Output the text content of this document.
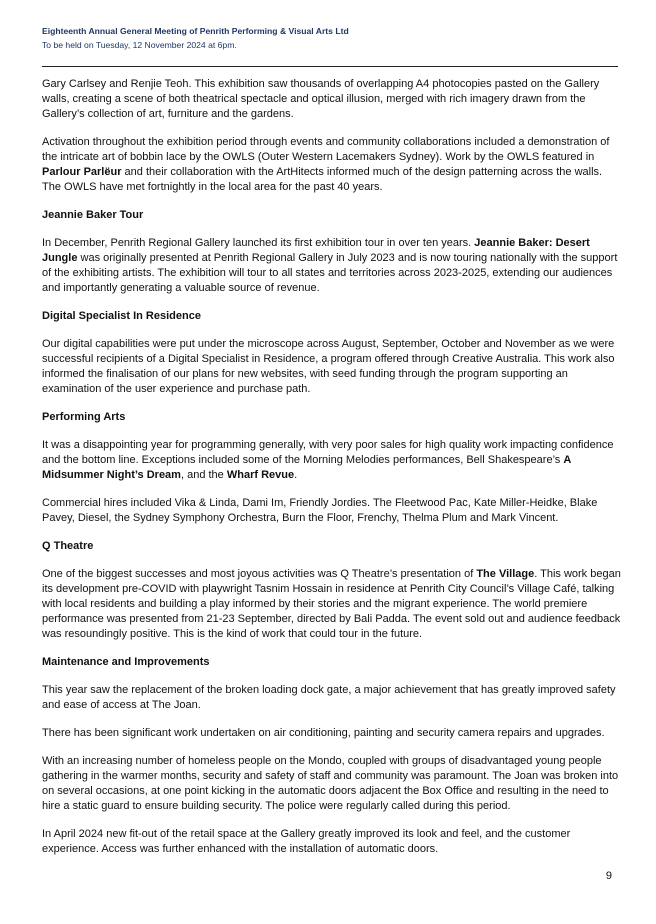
Eighteenth Annual General Meeting of Penrith Performing & Visual Arts Ltd
To be held on Tuesday, 12 November 2024 at 6pm.

Gary Carlsey and Renjie Teoh. This exhibition saw thousands of overlapping A4 photocopies pasted on the Gallery walls, creating a scene of both theatrical spectacle and optical illusion, merged with rich imagery drawn from the Gallery’s collection of art, furniture and the gardens.

Activation throughout the exhibition period through events and community collaborations included a demonstration of the intricate art of bobbin lace by the OWLS (Outer Western Lacemakers Sydney). Work by the OWLS featured in Parlour Parlëur and their collaboration with the ArtHitects informed much of the design patterning across the walls. The OWLS have met fortnightly in the local area for the past 40 years.

Jeannie Baker Tour

In December, Penrith Regional Gallery launched its first exhibition tour in over ten years. Jeannie Baker: Desert Jungle was originally presented at Penrith Regional Gallery in July 2023 and is now touring nationally with the support of the exhibiting artists. The exhibition will tour to all states and territories across 2023-2025, extending our audiences and importantly generating a valuable source of revenue.

Digital Specialist In Residence

Our digital capabilities were put under the microscope across August, September, October and November as we were successful recipients of a Digital Specialist in Residence, a program offered through Creative Australia. This work also informed the finalisation of our plans for new websites, with seed funding through the program supporting an examination of the user experience and purchase path.

Performing Arts

It was a disappointing year for programming generally, with very poor sales for high quality work impacting confidence and the bottom line. Exceptions included some of the Morning Melodies performances, Bell Shakespeare’s A Midsummer Night’s Dream, and the Wharf Revue.

Commercial hires included Vika & Linda, Dami Im, Friendly Jordies. The Fleetwood Pac, Kate Miller-Heidke, Blake Pavey, Diesel, the Sydney Symphony Orchestra, Burn the Floor, Frenchy, Thelma Plum and Mark Vincent.

Q Theatre

One of the biggest successes and most joyous activities was Q Theatre’s presentation of The Village. This work began its development pre-COVID with playwright Tasnim Hossain in residence at Penrith City Council’s Village Café, talking with local residents and building a play informed by their stories and the migrant experience. The world premiere performance was presented from 21-23 September, directed by Bali Padda. The event sold out and audience feedback was resoundingly positive. This is the kind of work that could tour in the future.

Maintenance and Improvements

This year saw the replacement of the broken loading dock gate, a major achievement that has greatly improved safety and ease of access at The Joan.

There has been significant work undertaken on air conditioning, painting and security camera repairs and upgrades.

With an increasing number of homeless people on the Mondo, coupled with groups of disadvantaged young people gathering in the warmer months, security and safety of staff and community was paramount. The Joan was broken into on several occasions, at one point kicking in the automatic doors adjacent the Box Office and resulting in the need to hire a static guard to ensure building security. The police were regularly called during this period.

In April 2024 new fit-out of the retail space at the Gallery greatly improved its look and feel, and the customer experience. Access was further enhanced with the installation of automatic doors.

9
